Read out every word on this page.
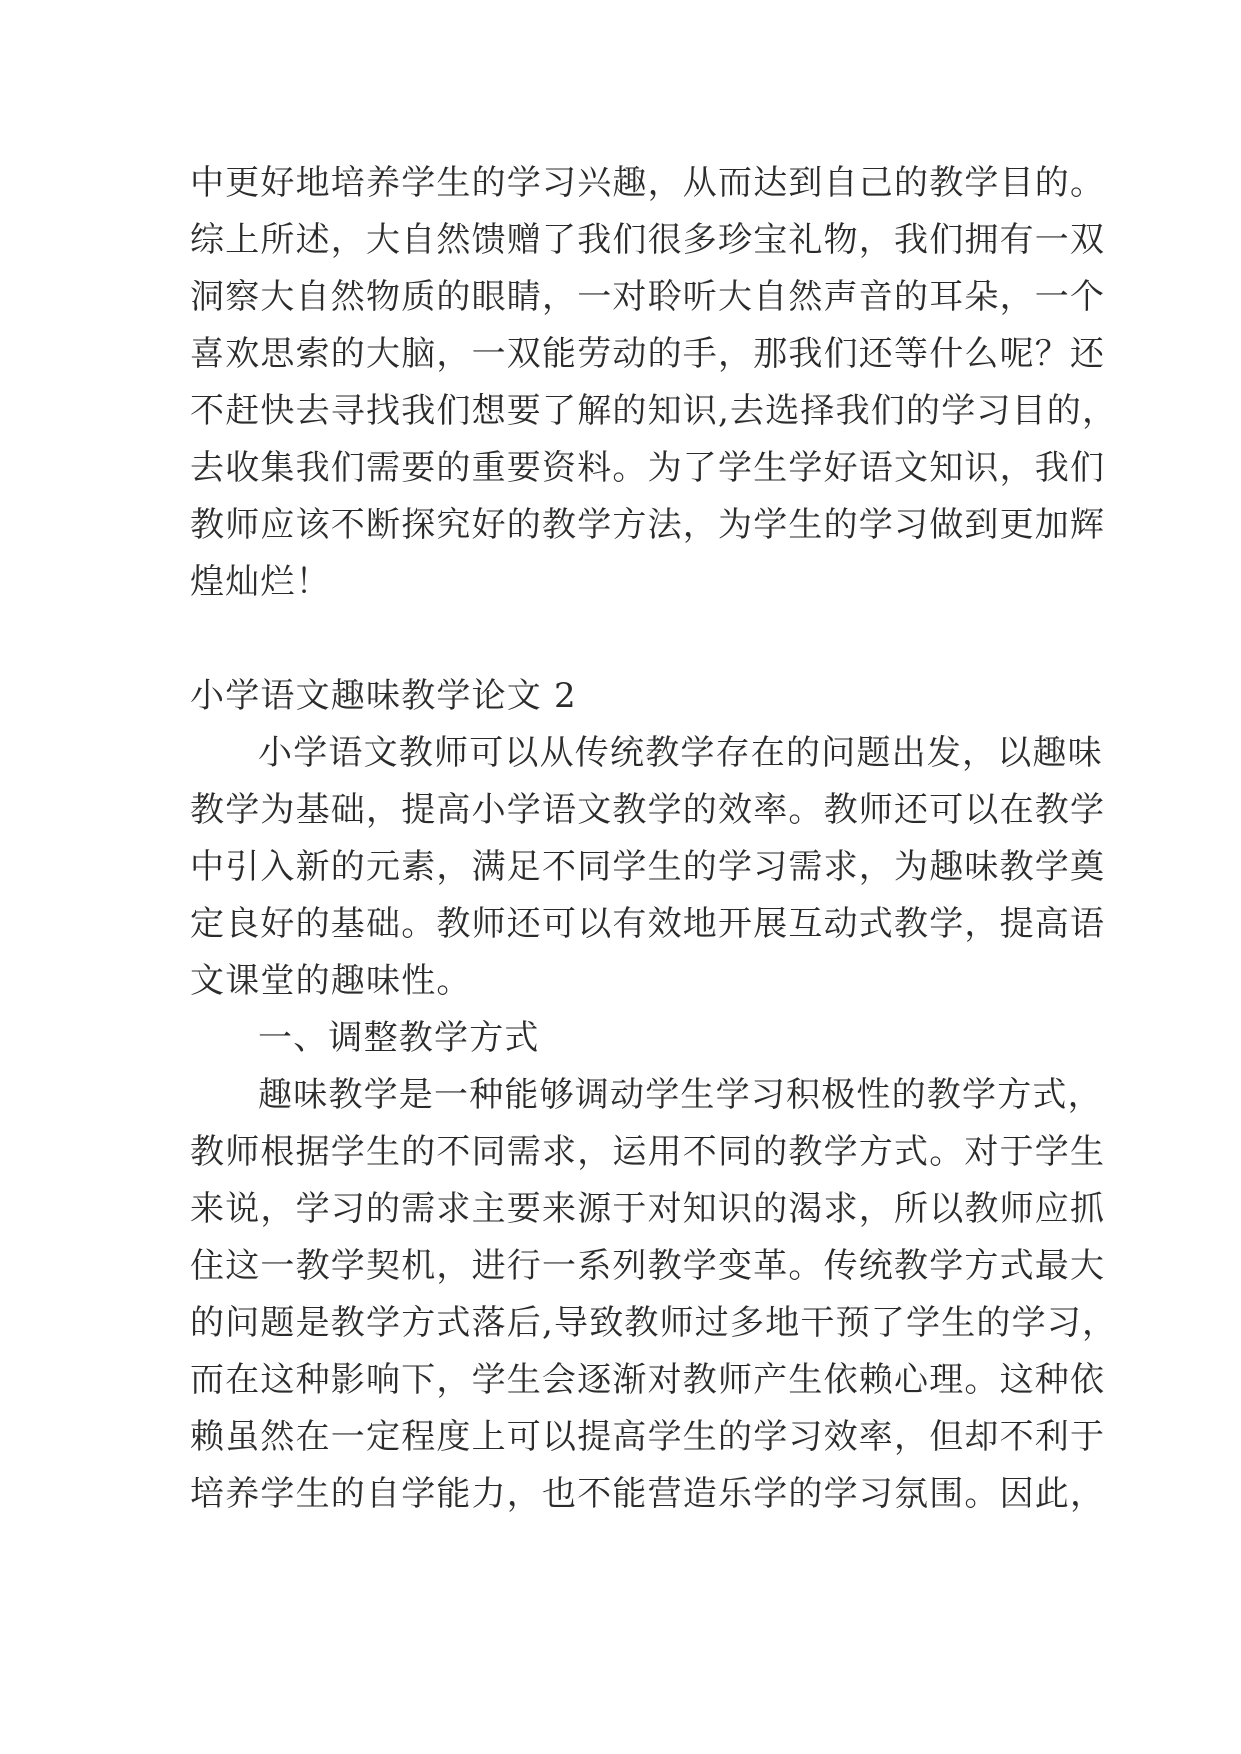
中更好地培养学生的学习兴趣，从而达到自己的教学目的。
综上所述，大自然馈赠了我们很多珍宝礼物，我们拥有一双
洞察大自然物质的眼睛，一对聆听大自然声音的耳朵，一个
喜欢思索的大脑，一双能劳动的手，那我们还等什么呢？还
不赶快去寻找我们想要了解的知识,去选择我们的学习目的，
去收集我们需要的重要资料。为了学生学好语文知识，我们
教师应该不断探究好的教学方法，为学生的学习做到更加辉
煌灿烂！
小学语文趣味教学论文 2
小学语文教师可以从传统教学存在的问题出发，以趣味
教学为基础，提高小学语文教学的效率。教师还可以在教学
中引入新的元素，满足不同学生的学习需求，为趣味教学奠
定良好的基础。教师还可以有效地开展互动式教学，提高语
文课堂的趣味性。
一、调整教学方式
趣味教学是一种能够调动学生学习积极性的教学方式，
教师根据学生的不同需求，运用不同的教学方式。对于学生
来说，学习的需求主要来源于对知识的渴求，所以教师应抓
住这一教学契机，进行一系列教学变革。传统教学方式最大
的问题是教学方式落后,导致教师过多地干预了学生的学习，
而在这种影响下，学生会逐渐对教师产生依赖心理。这种依
赖虽然在一定程度上可以提高学生的学习效率，但却不利于
培养学生的自学能力，也不能营造乐学的学习氛围。因此，
